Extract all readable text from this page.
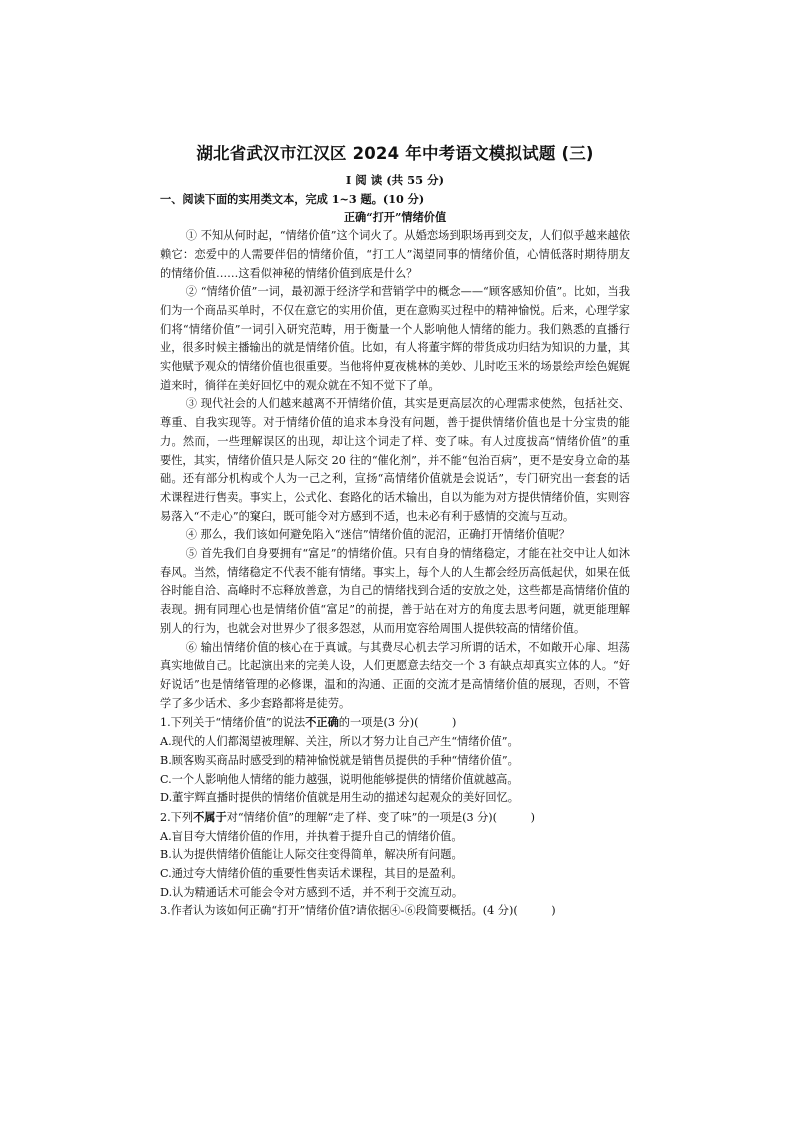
湖北省武汉市江汉区 2024 年中考语文模拟试题 (三)

Ⅰ 阅 读 (共 55 分)

一、阅读下面的实用类文本，完成 1~3 题。(10 分)

正确“打开”情绪价值

① 不知从何时起，“情绪价值”这个词火了。从婚恋场到职场再到交友，人们似乎越来越依赖它：恋爱中的人需要伴侣的情绪价值，“打工人”渴望同事的情绪价值，心情低落时期待朋友的情绪价值……这看似神秘的情绪价值到底是什么？

② “情绪价值”一词，最初源于经济学和营销学中的概念——“顾客感知价值”。比如，当我们为一个商品买单时，不仅在意它的实用价值，更在意购买过程中的精神愉悦。后来，心理学家们将“情绪价值”一词引入研究范畴，用于衡量一个人影响他人情绪的能力。我们熟悉的直播行业，很多时候主播输出的就是情绪价值。比如，有人将董宇辉的带货成功归结为知识的力量，其实他赋予观众的情绪价值也很重要。当他将仲夏夜桃林的美妙、儿时吃玉米的场景绘声绘色娓娓道来时，徜徉在美好回忆中的观众就在不知不觉下了单。

③ 现代社会的人们越来越离不开情绪价值，其实是更高层次的心理需求使然，包括社交、尊重、自我实现等。对于情绪价值的追求本身没有问题，善于提供情绪价值也是十分宝贵的能力。然而，一些理解误区的出现，却让这个词走了样、变了味。有人过度拔高“情绪价值”的重要性，其实，情绪价值只是人际交 20 往的“催化剂”，并不能“包治百病”，更不是安身立命的基础。还有部分机构或个人为一己之利，宣扬“高情绪价值就是会说话”，专门研究出一套套的话术课程进行售卖。事实上，公式化、套路化的话术输出，自以为能为对方提供情绪价值，实则容易落入“不走心”的窠臼，既可能令对方感到不适，也未必有利于感情的交流与互动。

④ 那么，我们该如何避免陷入“迷信”情绪价值的泥沼，正确打开情绪价值呢？

⑤ 首先我们自身要拥有“富足”的情绪价值。只有自身的情绪稳定，才能在社交中让人如沐春风。当然，情绪稳定不代表不能有情绪。事实上，每个人的人生都会经历高低起伏，如果在低谷时能自洽、高峰时不忘释放善意，为自己的情绪找到合适的安放之处，这些都是高情绪价值的表现。拥有同理心也是情绪价值“富足”的前提，善于站在对方的角度去思考问题，就更能理解别人的行为，也就会对世界少了很多怨怼，从而用宽容给周围人提供较高的情绪价值。

⑥ 输出情绪价值的核心在于真诚。与其费尽心机去学习所谓的话术，不如敞开心扉、坦荡真实地做自己。比起演出来的完美人设，人们更愿意去结交一个 3 有缺点却真实立体的人。“好好说话”也是情绪管理的必修课，温和的沟通、正面的交流才是高情绪价值的展现，否则，不管学了多少话术、多少套路都将是徒劳。

1.下列关于“情绪价值”的说法不正确的一项是(3 分)(　　　)

A.现代的人们都渴望被理解、关注，所以才努力让自己产生“情绪价值”。

B.顾客购买商品时感受到的精神愉悦就是销售员提供的手种“情绪价值”。

C.一个人影响他人情绪的能力越强，说明他能够提供的情绪价值就越高。

D.董宇辉直播时提供的情绪价值就是用生动的描述勾起观众的美好回忆。

2.下列不属于对“情绪价值”的理解“走了样、变了味”的一项是(3 分)(　　　)

A.盲目夸大情绪价值的作用，并执着于提升自己的情绪价值。

B.认为提供情绪价值能让人际交往变得简单，解决所有问题。

C.通过夸大情绪价值的重要性售卖话术课程，其目的是盈利。

D.认为精通话术可能会令对方感到不适，并不利于交流互动。

3.作者认为该如何正确“打开”情绪价值?请依据④-⑥段简要概括。(4 分)(　　　)
